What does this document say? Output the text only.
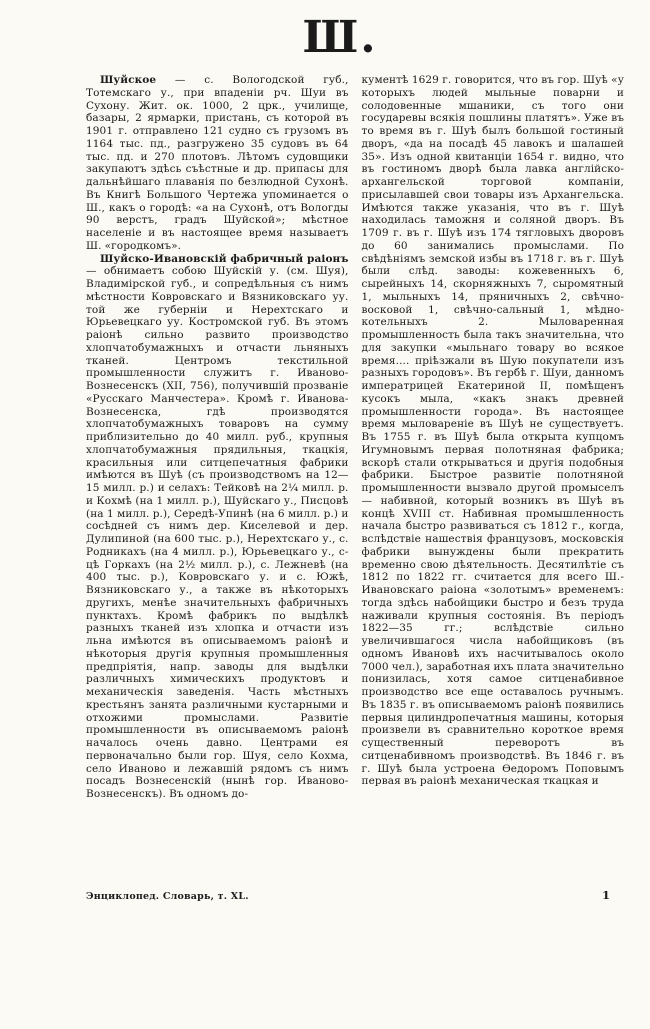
Ш.

Шуйское — с. Вологодской губ., Тотемскаго у., при впаденіи рч. Шуи въ Сухону. Жит. ок. 1000, 2 црк., училище, базары, 2 ярмарки, пристань, съ которой въ 1901 г. отправлено 121 судно съ грузомъ въ 1164 тыс. пд., разгружено 35 судовъ въ 64 тыс. пд. и 270 плотовъ. Лѣтомъ судовщики закупаютъ здѣсь съѣстные и др. припасы для дальнѣйшаго плаванія по безлюдной Сухонѣ. Въ Книгѣ Большого Чертежа упоминается о Ш., какъ о городѣ: «а на Сухонѣ, отъ Вологды 90 верстъ, градъ Шуйской»; мѣстное населеніе и въ настоящее время называетъ Ш. «городкомъ».

Шуйско-Ивановскій фабричный раіонъ — обнимаетъ собою Шуйскій у. (см. Шуя), Владимірской губ., и сопредѣльныя съ нимъ мѣстности Ковровскаго и Вязниковскаго уу. той же губерніи и Нерехтскаго и Юрьевецкаго уу. Костромской губ. Въ этомъ раіонѣ сильно развито производство хлопчатобумажныхъ и отчасти льняныхъ тканей. Центромъ текстильной промышленности служитъ г. Иваново-Вознесенскъ (XII, 756), получившій прозваніе «Русскаго Манчестера». Кромѣ г. Иванова-Вознесенска, гдѣ производятся хлопчатобумажныхъ товаровъ на сумму приблизительно до 40 милл. руб., крупныя хлопчатобумажныя прядильныя, ткацкія, красильныя или ситцепечатныя фабрики имѣются въ Шуѣ (съ производствомъ на 12—15 милл. р.) и селахъ: Тейковѣ на 2¼ милл. р. и Кохмѣ (на 1 милл. р.), Шуйскаго у., Писцовѣ (на 1 милл. р.), Середѣ-Упинѣ (на 6 милл. р.) и сосѣдней съ нимъ дер. Киселевой и дер. Дулипиной (на 600 тыс. р.), Нерехтскаго у., с. Родникахъ (на 4 милл. р.), Юрьевецкаго у., с-цѣ Горкахъ (на 2½ милл. р.), с. Лежневѣ (на 400 тыс. р.), Ковровскаго у. и с. Южѣ, Вязниковскаго у., а также въ нѣкоторыхъ другихъ, менѣе значительныхъ фабричныхъ пунктахъ. Кромѣ фабрикъ по выдѣлкѣ разныхъ тканей изъ хлопка и отчасти изъ льна имѣются въ описываемомъ раіонѣ и нѣкоторыя другія крупныя промышленныя предпріятія, напр. заводы для выдѣлки различныхъ химическихъ продуктовъ и механическія заведенія. Часть мѣстныхъ крестьянъ занята различными кустарными и отхожими промыслами. Развитіе промышленности въ описываемомъ раіонѣ началось очень давно. Центрами ея первоначально были гор. Шуя, село Кохма, село Иваново и лежавшій рядомъ съ нимъ посадъ Вознесенскій (нынѣ гор. Иваново-Вознесенскъ). Въ одномъ до-

кументѣ 1629 г. говорится, что въ гор. Шуѣ «у которыхъ людей мыльные поварни и солодовенные мшаники, съ того они государевы всякія пошлины платятъ». Уже въ то время въ г. Шуѣ былъ большой гостиный дворъ, «да на посадѣ 45 лавокъ и шалашей 35». Изъ одной квитанціи 1654 г. видно, что въ гостиномъ дворѣ была лавка англійско-архангельской торговой компаніи, присылавшей свои товары изъ Архангельска. Имѣются также указанія, что въ г. Шуѣ находилась таможня и соляной дворъ. Въ 1709 г. въ г. Шуѣ изъ 174 тягловыхъ дворовъ до 60 занимались промыслами. По свѣдѣніямъ земской избы въ 1718 г. въ г. Шуѣ были слѣд. заводы: кожевенныхъ 6, сырейныхъ 14, скорняжныхъ 7, сыромятный 1, мыльныхъ 14, пряничныхъ 2, свѣчно-восковой 1, свѣчно-сальный 1, мѣдно-котельныхъ 2. Мыловаренная промышленность была такъ значительна, что для закупки «мыльнаго товару во всякое время.... пріѣзжали въ Шую покупатели изъ разныхъ городовъ». Въ гербѣ г. Шуи, данномъ императрицей Екатериной II, помѣщенъ кусокъ мыла, «какъ знакъ древней промышленности города». Въ настоящее время мыловареніе въ Шуѣ не существуетъ. Въ 1755 г. въ Шуѣ была открыта купцомъ Игумновымъ первая полотняная фабрика; вскорѣ стали открываться и другія подобныя фабрики. Быстрое развитіе полотняной промышленности вызвало другой промыселъ — набивной, который возникъ въ Шуѣ въ концѣ XVIII ст. Набивная промышленность начала быстро развиваться съ 1812 г., когда, вслѣдствіе нашествія французовъ, московскія фабрики вынуждены были прекратить временно свою дѣятельность. Десятилѣтіе съ 1812 по 1822 гг. считается для всего Ш.-Ивановскаго раіона «золотымъ» временемъ: тогда здѣсь набойщики быстро и безъ труда наживали крупныя состоянія. Въ періодъ 1822—35 гг.; вслѣдствіе сильно увеличившагося числа набойщиковъ (въ одномъ Ивановѣ ихъ насчитывалось около 7000 чел.), заработная ихъ плата значительно понизилась, хотя самое ситценабивное производство все еще оставалось ручнымъ. Въ 1835 г. въ описываемомъ раіонѣ появились первыя цилиндропечатныя машины, которыя произвели въ сравнительно короткое время существенный переворотъ въ ситценабивномъ производствѣ. Въ 1846 г. въ г. Шуѣ была устроена Ѳедоромъ Поповымъ первая въ раіонѣ механическая ткацкая и

Энциклопед. Словарь, т. XL.	1
